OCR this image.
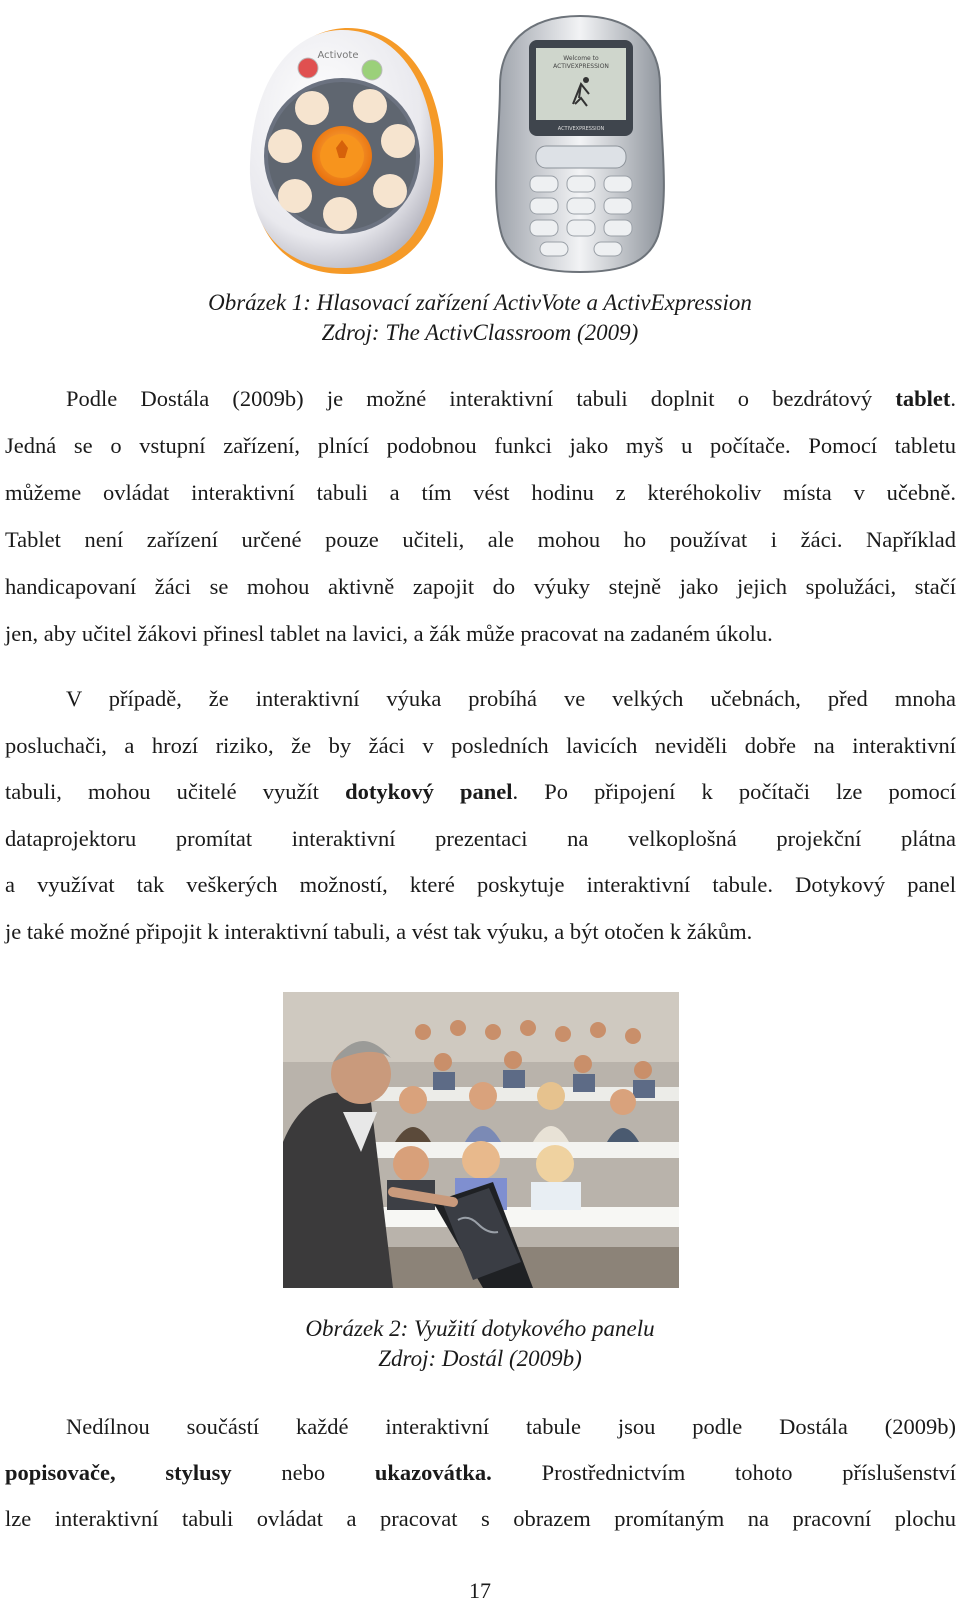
Activote	Welcome to
ACTIVEXPRESSION
ACTIVEXPRESSION
Obrázek 1: Hlasovací zařízení ActivVote a ActivExpression
Zdroj: The ActivClassroom (2009)
Podle Dostála (2009b) je možné interaktivní tabuli doplnit o bezdrátový tablet.
Jedná se o vstupní zařízení, plnící podobnou funkci jako myš u počítače. Pomocí tabletu
můžeme ovládat interaktivní tabuli a tím vést hodinu z kteréhokoliv místa v učebně.
Tablet není zařízení určené pouze učiteli, ale mohou ho používat i žáci. Například
handicapovaní žáci se mohou aktivně zapojit do výuky stejně jako jejich spolužáci, stačí
jen, aby učitel žákovi přinesl tablet na lavici, a žák může pracovat na zadaném úkolu.
V případě, že interaktivní výuka probíhá ve velkých učebnách, před mnoha
posluchači, a hrozí riziko, že by žáci v posledních lavicích neviděli dobře na interaktivní
tabuli, mohou učitelé využít dotykový panel. Po připojení k počítači lze pomocí
dataprojektoru promítat interaktivní prezentaci na velkoplošná projekční plátna
a využívat tak veškerých možností, které poskytuje interaktivní tabule. Dotykový panel
je také možné připojit k interaktivní tabuli, a vést tak výuku, a být otočen k žákům.
Obrázek 2: Využití dotykového panelu
Zdroj: Dostál (2009b)
Nedílnou součástí každé interaktivní tabule jsou podle Dostála (2009b)
popisovače, stylusy nebo ukazovátka. Prostřednictvím tohoto příslušenství
lze interaktivní tabuli ovládat a pracovat s obrazem promítaným na pracovní plochu
17
